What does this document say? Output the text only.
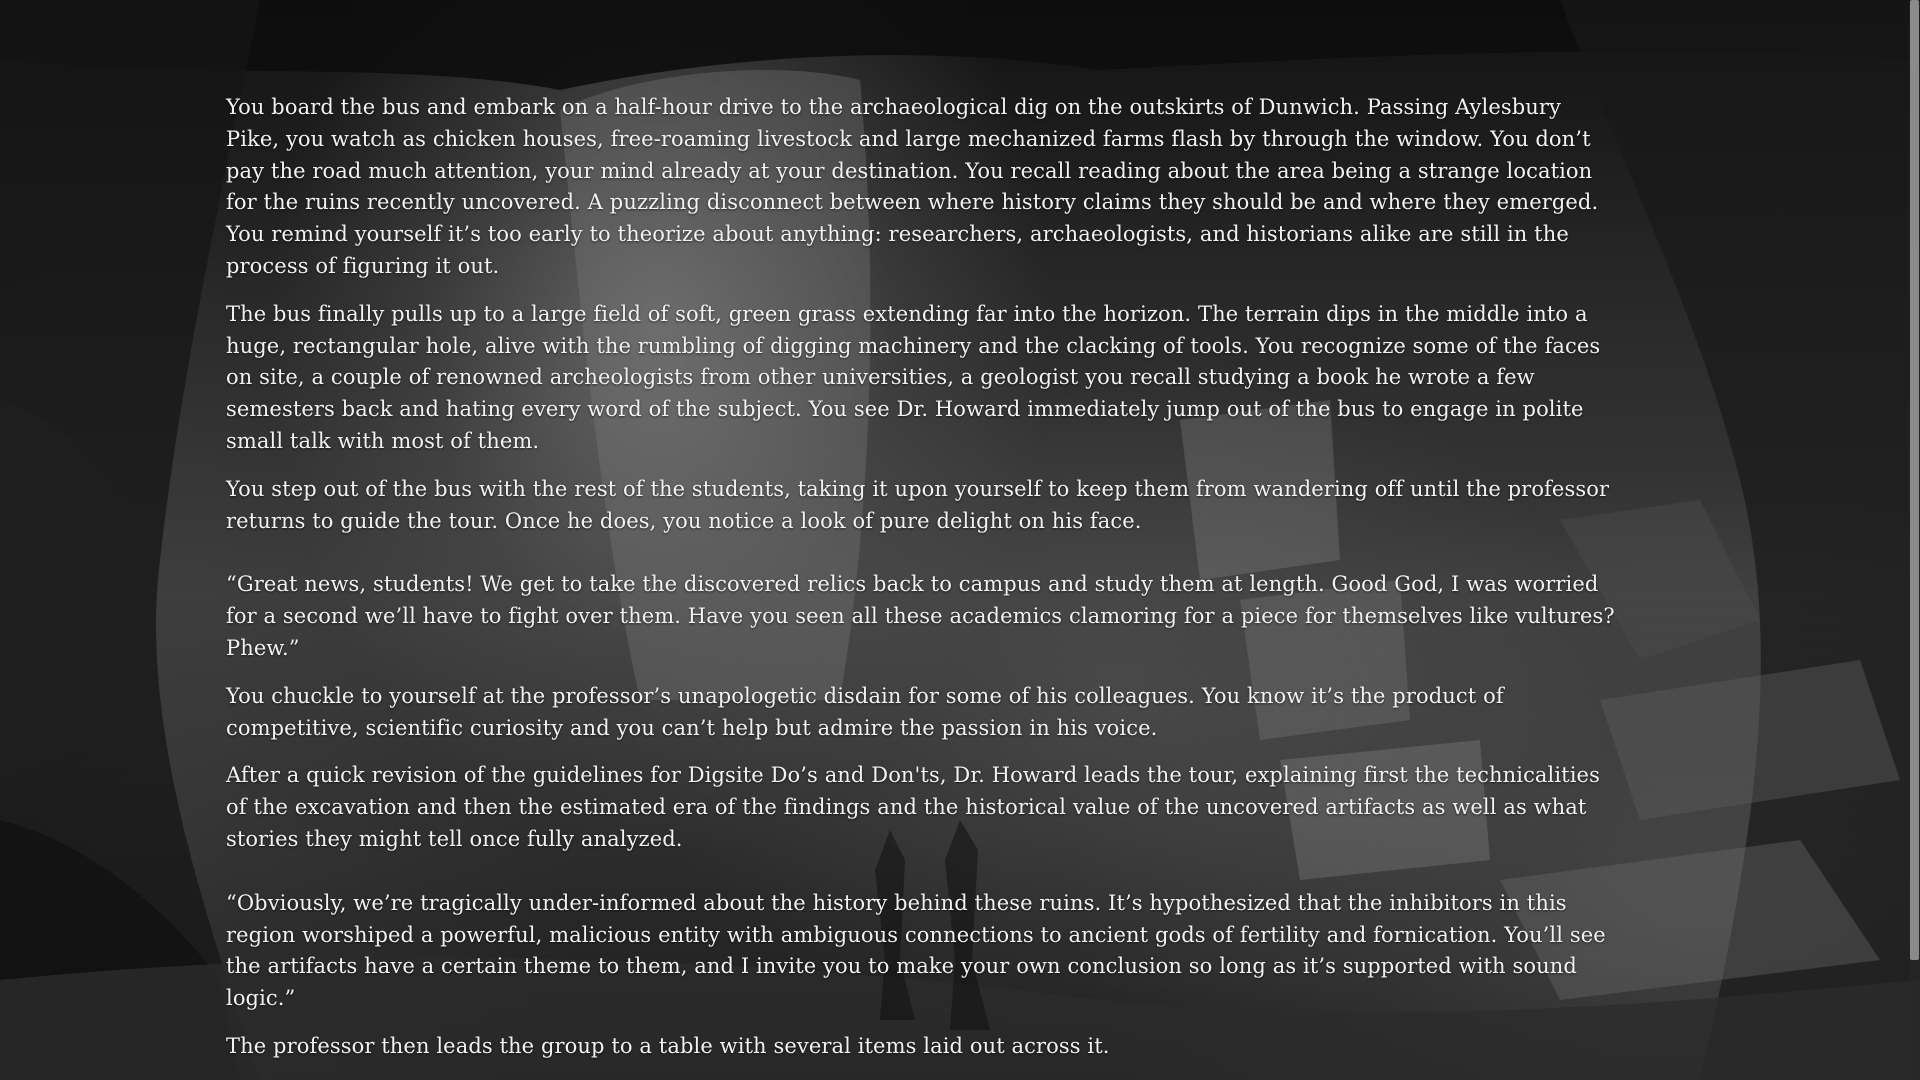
You board the bus and embark on a half-hour drive to the archaeological dig on the outskirts of Dunwich. Passing Aylesbury Pike, you watch as chicken houses, free-roaming livestock and large mechanized farms flash by through the window. You don’t pay the road much attention, your mind already at your destination. You recall reading about the area being a strange location for the ruins recently uncovered. A puzzling disconnect between where history claims they should be and where they emerged. You remind yourself it’s too early to theorize about anything: researchers, archaeologists, and historians alike are still in the process of figuring it out.

The bus finally pulls up to a large field of soft, green grass extending far into the horizon. The terrain dips in the middle into a huge, rectangular hole, alive with the rumbling of digging machinery and the clacking of tools. You recognize some of the faces on site, a couple of renowned archeologists from other universities, a geologist you recall studying a book he wrote a few semesters back and hating every word of the subject. You see Dr. Howard immediately jump out of the bus to engage in polite small talk with most of them.

You step out of the bus with the rest of the students, taking it upon yourself to keep them from wandering off until the professor returns to guide the tour. Once he does, you notice a look of pure delight on his face.

“Great news, students! We get to take the discovered relics back to campus and study them at length. Good God, I was worried for a second we’ll have to fight over them. Have you seen all these academics clamoring for a piece for themselves like vultures? Phew.”

You chuckle to yourself at the professor’s unapologetic disdain for some of his colleagues. You know it’s the product of competitive, scientific curiosity and you can’t help but admire the passion in his voice.

After a quick revision of the guidelines for Digsite Do’s and Don'ts, Dr. Howard leads the tour, explaining first the technicalities of the excavation and then the estimated era of the findings and the historical value of the uncovered artifacts as well as what stories they might tell once fully analyzed.

“Obviously, we’re tragically under-informed about the history behind these ruins. It’s hypothesized that the inhibitors in this region worshiped a powerful, malicious entity with ambiguous connections to ancient gods of fertility and fornication. You’ll see the artifacts have a certain theme to them, and I invite you to make your own conclusion so long as it’s supported with sound logic.”

The professor then leads the group to a table with several items laid out across it.
